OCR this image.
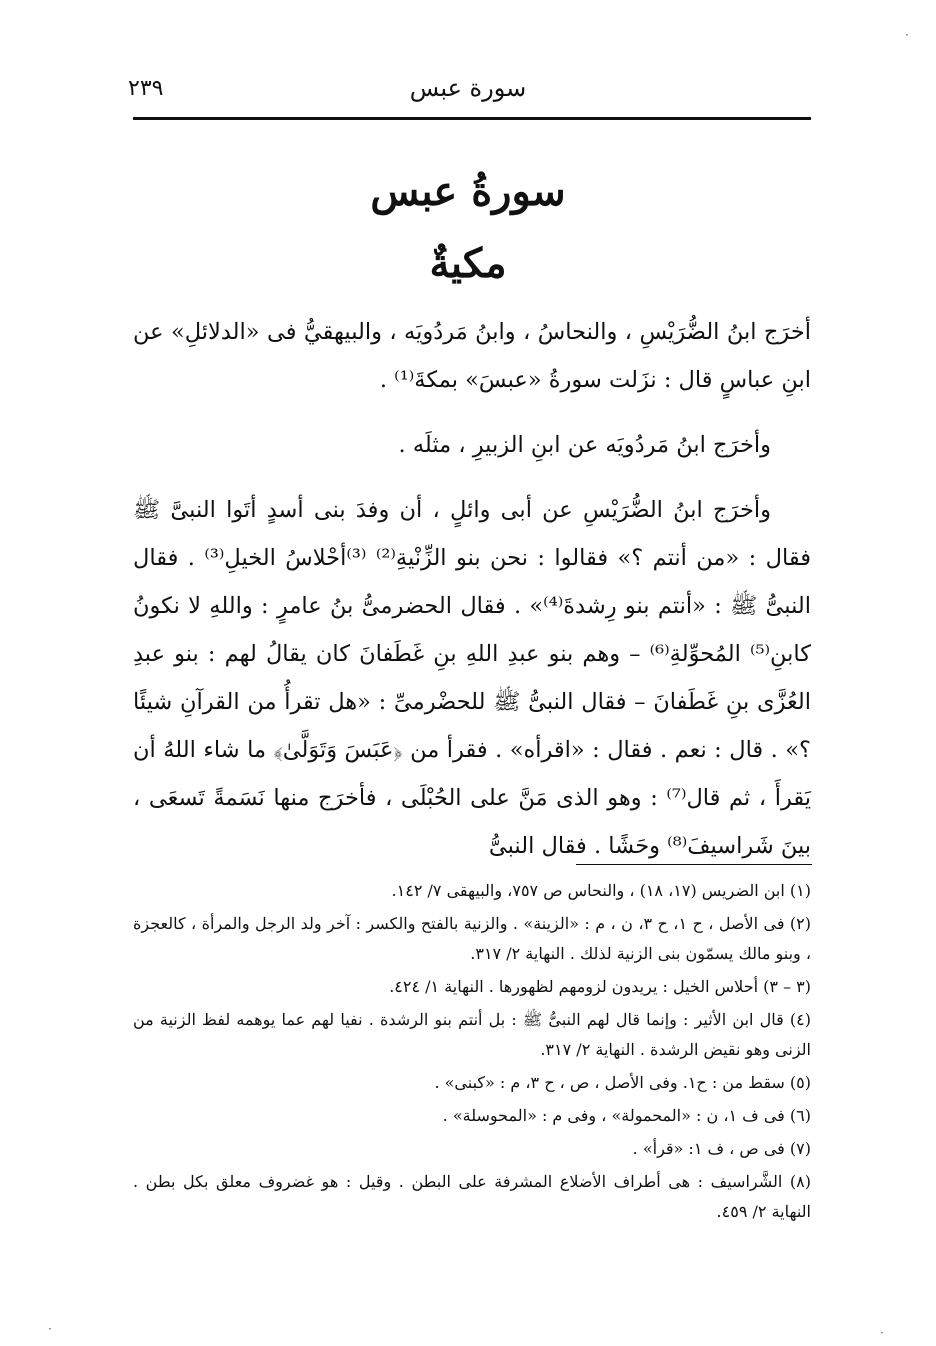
٢٣٩	سورة عبس
سورةُ عبس
مكيةٌ

أخرَج ابنُ الضُّرَيْسِ ، والنحاسُ ، وابنُ مَردُويَه ، والبيهقيُّ فى «الدلائلِ» عن ابنِ عباسٍ قال : نزَلت سورةُ «عبسَ» بمكةَ⁽¹⁾ .

وأخرَج ابنُ مَردُويَه عن ابنِ الزبيرِ ، مثلَه .

وأخرَج ابنُ الضُّرَيْسِ عن أبى وائلٍ ، أن وفدَ بنى أسدٍ أتَوا النبىَّ ﷺ فقال : «من أنتم ؟» فقالوا : نحن بنو الزِّنْيةِ⁽²⁾ ⁽³⁾أحْلاسُ الخيلِ⁽³⁾ . فقال النبىُّ ﷺ : «أنتم بنو رِشدةَ⁽⁴⁾» . فقال الحضرمىُّ بنُ عامرٍ : واللهِ لا نكونُ كابنِ⁽⁵⁾ المُحوِّلةِ⁽⁶⁾ – وهم بنو عبدِ اللهِ بنِ غَطَفانَ كان يقالُ لهم : بنو عبدِ العُزَّى بنِ غَطَفانَ – فقال النبىُّ ﷺ للحضْرمىِّ : «هل تقرأُ من القرآنِ شيئًا ؟» . قال : نعم . فقال : «اقرأه» . فقرأ من ﴿عَبَسَ وَتَوَلَّىٰ﴾ ما شاء اللهُ أن يَقرأَ ، ثم قال⁽⁷⁾ : وهو الذى مَنَّ على الحُبْلَى ، فأخرَج منها نَسَمةً تَسعَى ، بينَ شَراسيفَ⁽⁸⁾ وحَشًا . فقال النبىُّ

(١) ابن الضريس (١٧، ١٨) ، والنحاس ص ٧٥٧، والبيهقى ٧/ ١٤٢.

(٢) فى الأصل ، ح ١، ح ٣، ن ، م : «الزينة» . والزنية بالفتح والكسر : آخر ولد الرجل والمرأة ، كالعجزة ، وبنو مالك يسمّون بنى الزنية لذلك . النهاية ٢/ ٣١٧.

(٣ – ٣) أحلاس الخيل : يريدون لزومهم لظهورها . النهاية ١/ ٤٢٤.

(٤) قال ابن الأثير : وإنما قال لهم النبىُّ ﷺ : بل أنتم بنو الرشدة . نفيا لهم عما يوهمه لفظ الزنية من الزنى وهو نقيض الرشدة . النهاية ٢/ ٣١٧.

(٥) سقط من : ح١. وفى الأصل ، ص ، ح ٣، م : «كبنى» .

(٦) فى ف ١، ن : «المحمولة» ، وفى م : «المحوسلة» .

(٧) فى ص ، ف ١: «قرأ» .

(٨) الشَّراسيف : هى أطراف الأضلاع المشرفة على البطن . وقيل : هو غضروف معلق بكل بطن . النهاية ٢/ ٤٥٩.

·
·	·
